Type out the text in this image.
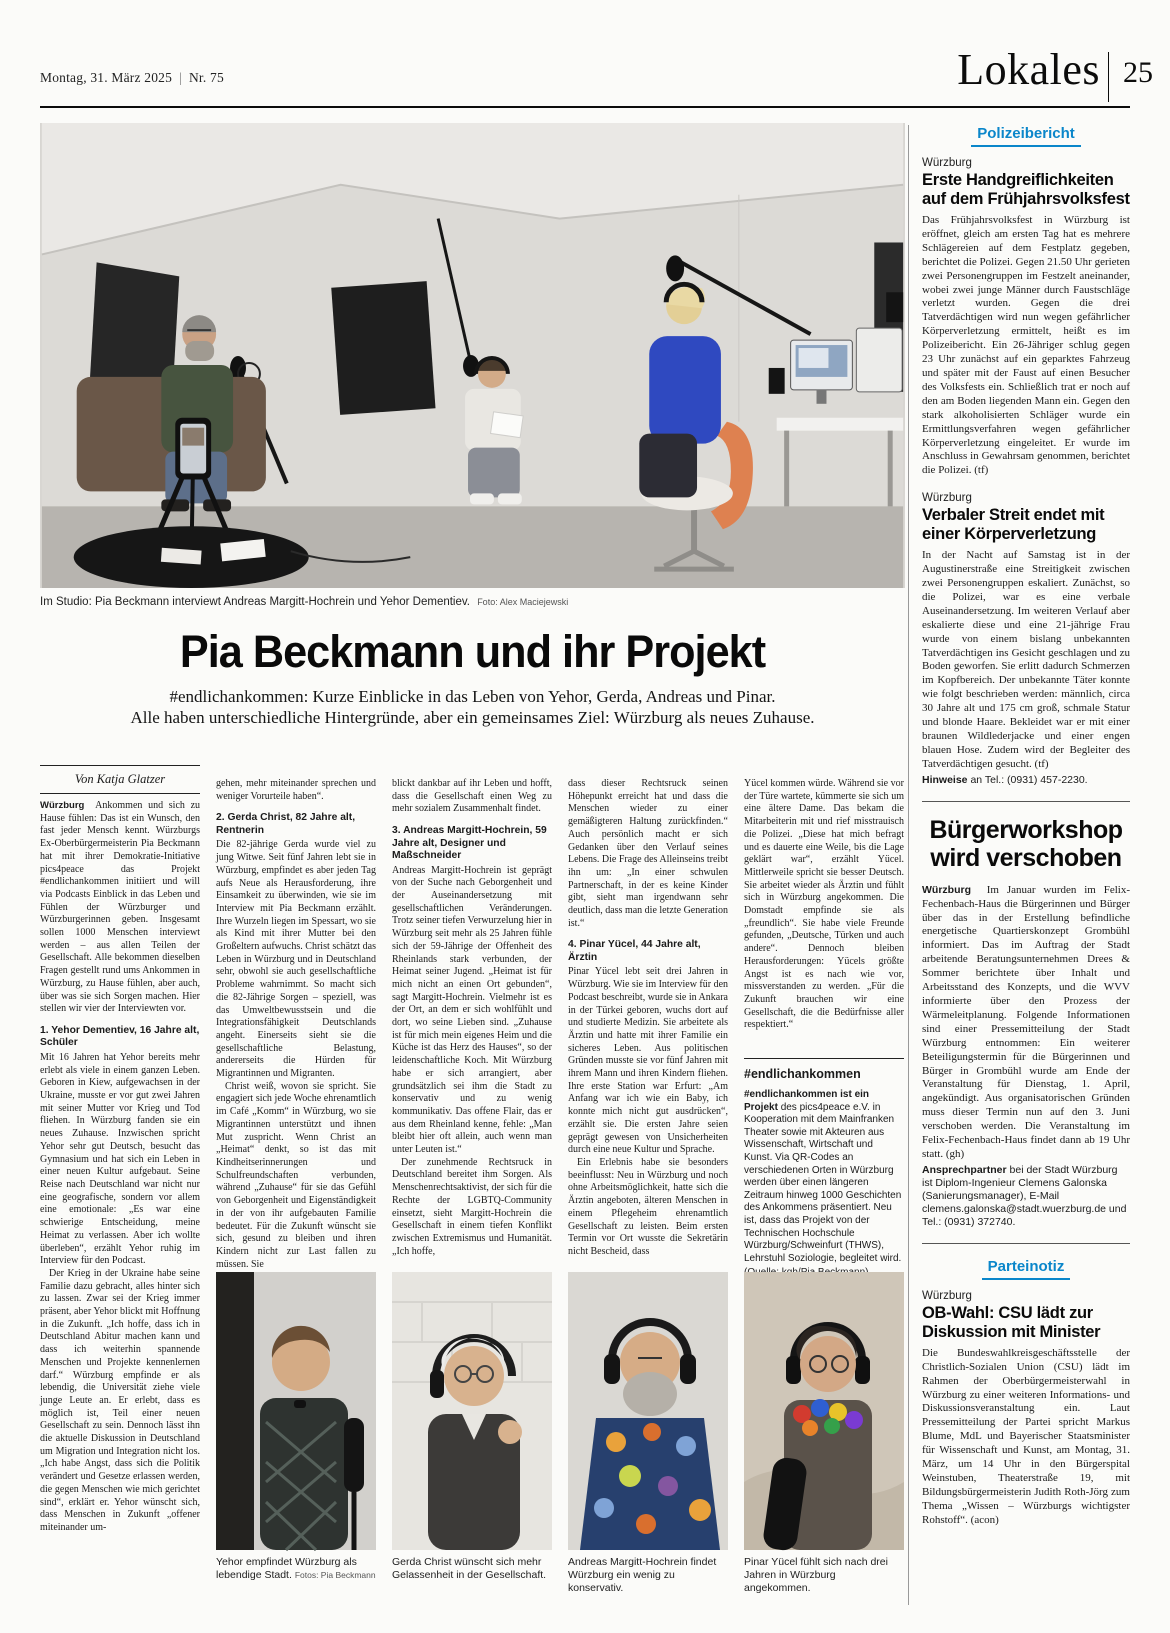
Montag, 31. März 2025 | Nr. 75	Lokales 25
Im Studio: Pia Beckmann interviewt Andreas Margitt-Hochrein und Yehor Dementiev. Foto: Alex Maciejewski
Pia Beckmann und ihr Projekt

#endlichankommen: Kurze Einblicke in das Leben von Yehor, Gerda, Andreas und Pinar.
Alle haben unterschiedliche Hintergründe, aber ein gemeinsames Ziel: Würzburg als neues Zuhause.

Von Katja Glatzer

Würzburg Ankommen und sich zu Hause fühlen: Das ist ein Wunsch, den fast jeder Mensch kennt. Würzburgs Ex-Oberbürgermeisterin Pia Beckmann hat mit ihrer Demokratie-Initiative pics4peace das Projekt #endlichankommen initiiert und will via Podcasts Einblick in das Leben und Fühlen der Würzburger und Würzburgerinnen geben. Insgesamt sollen 1000 Menschen interviewt werden – aus allen Teilen der Gesellschaft. Alle bekommen dieselben Fragen gestellt rund ums Ankommen in Würzburg, zu Hause fühlen, aber auch, über was sie sich Sorgen machen. Hier stellen wir vier der Interviewten vor.

1. Yehor Dementiev, 16 Jahre alt, Schüler

Mit 16 Jahren hat Yehor bereits mehr erlebt als viele in einem ganzen Leben. Geboren in Kiew, aufgewachsen in der Ukraine, musste er vor gut zwei Jahren mit seiner Mutter vor Krieg und Tod fliehen. In Würzburg fanden sie ein neues Zuhause. Inzwischen spricht Yehor sehr gut Deutsch, besucht das Gymnasium und hat sich ein Leben in einer neuen Kultur aufgebaut. Seine Reise nach Deutschland war nicht nur eine geografische, sondern vor allem eine emotionale: „Es war eine schwierige Entscheidung, meine Heimat zu verlassen. Aber ich wollte überleben“, erzählt Yehor ruhig im Interview für den Podcast.

Der Krieg in der Ukraine habe seine Familie dazu gebracht, alles hinter sich zu lassen. Zwar sei der Krieg immer präsent, aber Yehor blickt mit Hoffnung in die Zukunft. „Ich hoffe, dass ich in Deutschland Abitur machen kann und dass ich weiterhin spannende Menschen und Projekte kennenlernen darf.“ Würzburg empfinde er als lebendig, die Universität ziehe viele junge Leute an. Er erlebt, dass es möglich ist, Teil einer neuen Gesellschaft zu sein. Dennoch lässt ihn die aktuelle Diskussion in Deutschland um Migration und Integration nicht los. „Ich habe Angst, dass sich die Politik verändert und Gesetze erlassen werden, die gegen Menschen wie mich gerichtet sind“, erklärt er. Yehor wünscht sich, dass Menschen in Zukunft „offener miteinander um-

gehen, mehr miteinander sprechen und weniger Vorurteile haben“.

2. Gerda Christ, 82 Jahre alt, Rentnerin

Die 82-jährige Gerda wurde viel zu jung Witwe. Seit fünf Jahren lebt sie in Würzburg, empfindet es aber jeden Tag aufs Neue als Herausforderung, ihre Einsamkeit zu überwinden, wie sie im Interview mit Pia Beckmann erzählt. Ihre Wurzeln liegen im Spessart, wo sie als Kind mit ihrer Mutter bei den Großeltern aufwuchs. Christ schätzt das Leben in Würzburg und in Deutschland sehr, obwohl sie auch gesellschaftliche Probleme wahrnimmt. So macht sich die 82-Jährige Sorgen – speziell, was das Umweltbewusstsein und die Integrationsfähigkeit Deutschlands angeht. Einerseits sieht sie die gesellschaftliche Belastung, andererseits die Hürden für Migrantinnen und Migranten.

Christ weiß, wovon sie spricht. Sie engagiert sich jede Woche ehrenamtlich im Café „Komm“ in Würzburg, wo sie Migrantinnen unterstützt und ihnen Mut zuspricht. Wenn Christ an „Heimat“ denkt, so ist das mit Kindheitserinnerungen und Schulfreundschaften verbunden, während „Zuhause“ für sie das Gefühl von Geborgenheit und Eigenständigkeit in der von ihr aufgebauten Familie bedeutet. Für die Zukunft wünscht sie sich, gesund zu bleiben und ihren Kindern nicht zur Last fallen zu müssen. Sie

blickt dankbar auf ihr Leben und hofft, dass die Gesellschaft einen Weg zu mehr sozialem Zusammenhalt findet.

3. Andreas Margitt-Hochrein, 59 Jahre alt, Designer und Maßschneider

Andreas Margitt-Hochrein ist geprägt von der Suche nach Geborgenheit und der Auseinandersetzung mit gesellschaftlichen Veränderungen. Trotz seiner tiefen Verwurzelung hier in Würzburg seit mehr als 25 Jahren fühle sich der 59-Jährige der Offenheit des Rheinlands stark verbunden, der Heimat seiner Jugend. „Heimat ist für mich nicht an einen Ort gebunden“, sagt Margitt-Hochrein. Vielmehr ist es der Ort, an dem er sich wohlfühlt und dort, wo seine Lieben sind. „Zuhause ist für mich mein eigenes Heim und die Küche ist das Herz des Hauses“, so der leidenschaftliche Koch. Mit Würzburg habe er sich arrangiert, aber grundsätzlich sei ihm die Stadt zu konservativ und zu wenig kommunikativ. Das offene Flair, das er aus dem Rheinland kenne, fehle: „Man bleibt hier oft allein, auch wenn man unter Leuten ist.“

Der zunehmende Rechtsruck in Deutschland bereitet ihm Sorgen. Als Menschenrechtsaktivist, der sich für die Rechte der LGBTQ-Community einsetzt, sieht Margitt-Hochrein die Gesellschaft in einem tiefen Konflikt zwischen Extremismus und Humanität. „Ich hoffe,

dass dieser Rechtsruck seinen Höhepunkt erreicht hat und dass die Menschen wieder zu einer gemäßigteren Haltung zurückfinden.“ Auch persönlich macht er sich Gedanken über den Verlauf seines Lebens. Die Frage des Alleinseins treibt ihn um: „In einer schwulen Partnerschaft, in der es keine Kinder gibt, sieht man irgendwann sehr deutlich, dass man die letzte Generation ist.“

4. Pinar Yücel, 44 Jahre alt, Ärztin

Pinar Yücel lebt seit drei Jahren in Würzburg. Wie sie im Interview für den Podcast beschreibt, wurde sie in Ankara in der Türkei geboren, wuchs dort auf und studierte Medizin. Sie arbeitete als Ärztin und hatte mit ihrer Familie ein sicheres Leben. Aus politischen Gründen musste sie vor fünf Jahren mit ihrem Mann und ihren Kindern fliehen. Ihre erste Station war Erfurt: „Am Anfang war ich wie ein Baby, ich konnte mich nicht gut ausdrücken“, erzählt sie. Die ersten Jahre seien geprägt gewesen von Unsicherheiten durch eine neue Kultur und Sprache.

Ein Erlebnis habe sie besonders beeinflusst: Neu in Würzburg und noch ohne Arbeitsmöglichkeit, hatte sich die Ärztin angeboten, älteren Menschen in einem Pflegeheim ehrenamtlich Gesellschaft zu leisten. Beim ersten Termin vor Ort wusste die Sekretärin nicht Bescheid, dass

Yücel kommen würde. Während sie vor der Türe wartete, kümmerte sie sich um eine ältere Dame. Das bekam die Mitarbeiterin mit und rief misstrauisch die Polizei. „Diese hat mich befragt und es dauerte eine Weile, bis die Lage geklärt war“, erzählt Yücel. Mittlerweile spricht sie besser Deutsch. Sie arbeitet wieder als Ärztin und fühlt sich in Würzburg angekommen. Die Domstadt empfinde sie als „freundlich“. Sie habe viele Freunde gefunden, „Deutsche, Türken und auch andere“. Dennoch bleiben Herausforderungen: Yücels größte Angst ist es nach wie vor, missverstanden zu werden. „Für die Zukunft brauchen wir eine Gesellschaft, die die Bedürfnisse aller respektiert.“

#endlichankommen

#endlichankommen ist ein Projekt des pics4peace e.V. in Kooperation mit dem Mainfranken Theater sowie mit Akteuren aus Wissenschaft, Wirtschaft und Kunst. Via QR-Codes an verschiedenen Orten in Würzburg werden über einen längeren Zeitraum hinweg 1000 Geschichten des Ankommens präsentiert. Neu ist, dass das Projekt von der Technischen Hochschule Würzburg/Schweinfurt (THWS), Lehrstuhl Soziologie, begleitet wird.

Yehor empfindet Würzburg als lebendige Stadt. Fotos: Pia Beckmann
Gerda Christ wünscht sich mehr Gelassenheit in der Gesellschaft.
Andreas Margitt-Hochrein findet Würzburg ein wenig zu konservativ.
Pinar Yücel fühlt sich nach drei Jahren in Würzburg angekommen.
Polizeibericht
Würzburg
Erste Handgreiflichkeiten auf dem Frühjahrsvolksfest

Das Frühjahrsvolksfest in Würzburg ist eröffnet, gleich am ersten Tag hat es mehrere Schlägereien auf dem Festplatz gegeben, berichtet die Polizei. Gegen 21.50 Uhr gerieten zwei Personengruppen im Festzelt aneinander, wobei zwei junge Männer durch Faustschläge verletzt wurden. Gegen die drei Tatverdächtigen wird nun wegen gefährlicher Körperverletzung ermittelt, heißt es im Polizeibericht. Ein 26-Jähriger schlug gegen 23 Uhr zunächst auf ein geparktes Fahrzeug und später mit der Faust auf einen Besucher des Volksfests ein. Schließlich trat er noch auf den am Boden liegenden Mann ein. Gegen den stark alkoholisierten Schläger wurde ein Ermittlungsverfahren wegen gefährlicher Körperverletzung eingeleitet. Er wurde im Anschluss in Gewahrsam genommen, berichtet die Polizei. (tf)

Würzburg
Verbaler Streit endet mit einer Körperverletzung

In der Nacht auf Samstag ist in der Augustinerstraße eine Streitigkeit zwischen zwei Personengruppen eskaliert. Zunächst, so die Polizei, war es eine verbale Auseinandersetzung. Im weiteren Verlauf aber eskalierte diese und eine 21-jährige Frau wurde von einem bislang unbekannten Tatverdächtigen ins Gesicht geschlagen und zu Boden geworfen. Sie erlitt dadurch Schmerzen im Kopfbereich. Der unbekannte Täter konnte wie folgt beschrieben werden: männlich, circa 30 Jahre alt und 175 cm groß, schmale Statur und blonde Haare. Bekleidet war er mit einer braunen Wildlederjacke und einer engen blauen Hose. Zudem wird der Begleiter des Tatverdächtigen gesucht. (tf)

Hinweise an Tel.: (0931) 457-2230.

Bürgerworkshop
wird verschoben

Würzburg Im Januar wurden im Felix-Fechenbach-Haus die Bürgerinnen und Bürger über das in der Erstellung befindliche energetische Quartierskonzept Grombühl informiert. Das im Auftrag der Stadt arbeitende Beratungsunternehmen Drees & Sommer berichtete über Inhalt und Arbeitsstand des Konzepts, und die WVV informierte über den Prozess der Wärmeleitplanung. Folgende Informationen sind einer Pressemitteilung der Stadt Würzburg entnommen: Ein weiterer Beteiligungstermin für die Bürgerinnen und Bürger in Grombühl wurde am Ende der Veranstaltung für Dienstag, 1. April, angekündigt. Aus organisatorischen Gründen muss dieser Termin nun auf den 3. Juni verschoben werden. Die Veranstaltung im Felix-Fechenbach-Haus findet dann ab 19 Uhr statt. (gh)

Ansprechpartner bei der Stadt Würzburg ist Diplom-Ingenieur Clemens Galonska (Sanierungsmanager), E-Mail clemens.galonska@stadt.wuerzburg.de und Tel.: (0931) 372740.

Parteinotiz
Würzburg
OB-Wahl: CSU lädt zur Diskussion mit Minister

Die Bundeswahlkreisgeschäftsstelle der Christlich-Sozialen Union (CSU) lädt im Rahmen der Oberbürgermeisterwahl in Würzburg zu einer weiteren Informations- und Diskussionsveranstaltung ein. Laut Pressemitteilung der Partei spricht Markus Blume, MdL und Bayerischer Staatsminister für Wissenschaft und Kunst, am Montag, 31. März, um 14 Uhr in den Bürgerspital Weinstuben, Theaterstraße 19, mit Bildungsbürgermeisterin Judith Roth-Jörg zum Thema „Wissen – Würzburgs wichtigster Rohstoff“. (acon)
